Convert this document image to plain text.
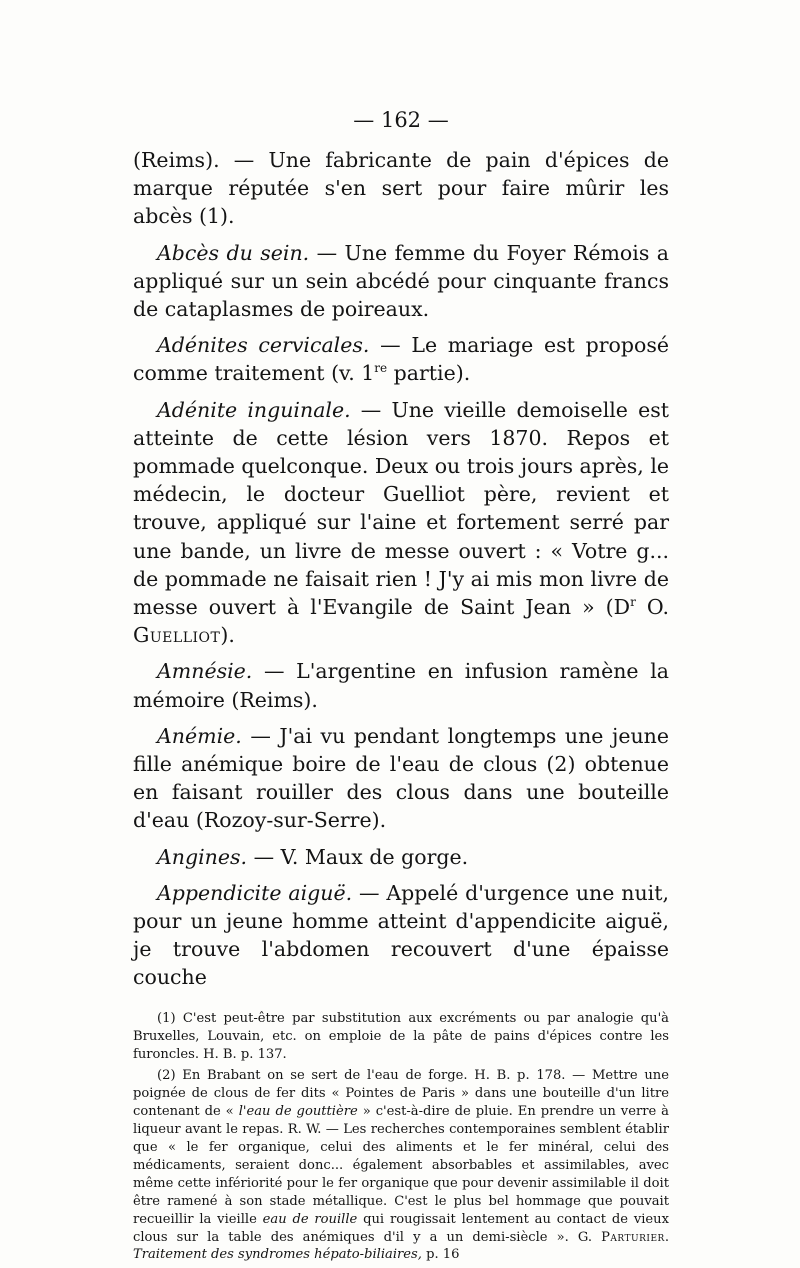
— 162 —

(Reims). — Une fabricante de pain d'épices de marque réputée s'en sert pour faire mûrir les abcès (1).

Abcès du sein. — Une femme du Foyer Rémois a appliqué sur un sein abcédé pour cinquante francs de cataplasmes de poireaux.

Adénites cervicales. — Le mariage est proposé comme traitement (v. 1re partie).

Adénite inguinale. — Une vieille demoiselle est atteinte de cette lésion vers 1870. Repos et pommade quelconque. Deux ou trois jours après, le médecin, le docteur Guelliot père, revient et trouve, appliqué sur l'aine et fortement serré par une bande, un livre de messe ouvert : « Votre g... de pommade ne faisait rien ! J'y ai mis mon livre de messe ouvert à l'Evangile de Saint Jean » ($D^r$ O. Guelliot).

Amnésie. — L'argentine en infusion ramène la mémoire (Reims).

Anémie. — J'ai vu pendant longtemps une jeune fille anémique boire de l'eau de clous (2) obtenue en faisant rouiller des clous dans une bouteille d'eau (Rozoy-sur-Serre).

Angines. — V. Maux de gorge.

Appendicite aiguë. — Appelé d'urgence une nuit, pour un jeune homme atteint d'appendicite aiguë, je trouve l'abdomen recouvert d'une épaisse couche

(1) C'est peut-être par substitution aux excréments ou par analogie qu'à Bruxelles, Louvain, etc. on emploie de la pâte de pains d'épices contre les furoncles. H. B. p. 137.

(2) En Brabant on se sert de l'eau de forge. H. B. p. 178. — Mettre une poignée de clous de fer dits « Pointes de Paris » dans une bouteille d'un litre contenant de « l'eau de gouttière » c'est-à-dire de pluie. En prendre un verre à liqueur avant le repas. R. W. — Les recherches contemporaines semblent établir que « le fer organique, celui des aliments et le fer minéral, celui des médicaments, seraient donc... également absorbables et assimilables, avec même cette infériorité pour le fer organique que pour devenir assimilable il doit être ramené à son stade métallique. C'est le plus bel hommage que pouvait recueillir la vieille eau de rouille qui rougissait lentement au contact de vieux clous sur la table des anémiques d'il y a un demi-siècle ». G. Parturier. Traitement des syndromes hépato-biliaires, p. 16
